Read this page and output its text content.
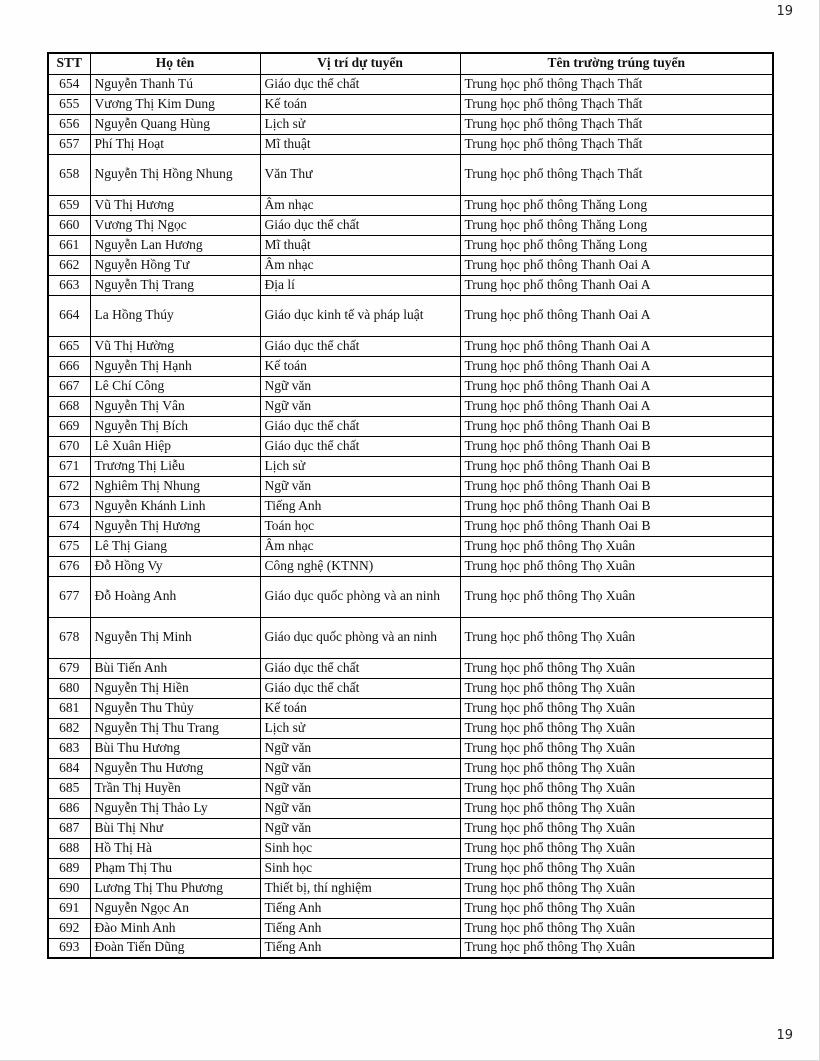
19
STT	Họ tên	Vị trí dự tuyển	Tên trường trúng tuyển
654	Nguyễn Thanh Tú	Giáo dục thể chất	Trung học phổ thông Thạch Thất
655	Vương Thị Kim Dung	Kế toán	Trung học phổ thông Thạch Thất
656	Nguyễn Quang Hùng	Lịch sử	Trung học phổ thông Thạch Thất
657	Phí Thị Hoạt	Mĩ thuật	Trung học phổ thông Thạch Thất
658	Nguyễn Thị Hồng Nhung	Văn Thư	Trung học phổ thông Thạch Thất
659	Vũ Thị Hương	Âm nhạc	Trung học phổ thông Thăng Long
660	Vương Thị Ngọc	Giáo dục thể chất	Trung học phổ thông Thăng Long
661	Nguyễn Lan Hương	Mĩ thuật	Trung học phổ thông Thăng Long
662	Nguyễn Hồng Tư	Âm nhạc	Trung học phổ thông Thanh Oai A
663	Nguyễn Thị Trang	Địa lí	Trung học phổ thông Thanh Oai A
664	La Hồng Thúy	Giáo dục kinh tế và pháp luật	Trung học phổ thông Thanh Oai A
665	Vũ Thị Hường	Giáo dục thể chất	Trung học phổ thông Thanh Oai A
666	Nguyễn Thị Hạnh	Kế toán	Trung học phổ thông Thanh Oai A
667	Lê Chí Công	Ngữ văn	Trung học phổ thông Thanh Oai A
668	Nguyễn Thị Vân	Ngữ văn	Trung học phổ thông Thanh Oai A
669	Nguyễn Thị Bích	Giáo dục thể chất	Trung học phổ thông Thanh Oai B
670	Lê Xuân Hiệp	Giáo dục thể chất	Trung học phổ thông Thanh Oai B
671	Trương Thị Liễu	Lịch sử	Trung học phổ thông Thanh Oai B
672	Nghiêm Thị Nhung	Ngữ văn	Trung học phổ thông Thanh Oai B
673	Nguyễn Khánh Linh	Tiếng Anh	Trung học phổ thông Thanh Oai B
674	Nguyễn Thị Hương	Toán học	Trung học phổ thông Thanh Oai B
675	Lê Thị Giang	Âm nhạc	Trung học phổ thông Thọ Xuân
676	Đỗ Hồng Vy	Công nghệ (KTNN)	Trung học phổ thông Thọ Xuân
677	Đỗ Hoàng Anh	Giáo dục quốc phòng và an ninh	Trung học phổ thông Thọ Xuân
678	Nguyễn Thị Minh	Giáo dục quốc phòng và an ninh	Trung học phổ thông Thọ Xuân
679	Bùi Tiến Anh	Giáo dục thể chất	Trung học phổ thông Thọ Xuân
680	Nguyễn Thị Hiền	Giáo dục thể chất	Trung học phổ thông Thọ Xuân
681	Nguyễn Thu Thủy	Kế toán	Trung học phổ thông Thọ Xuân
682	Nguyễn Thị Thu Trang	Lịch sử	Trung học phổ thông Thọ Xuân
683	Bùi Thu Hương	Ngữ văn	Trung học phổ thông Thọ Xuân
684	Nguyễn Thu Hương	Ngữ văn	Trung học phổ thông Thọ Xuân
685	Trần Thị Huyền	Ngữ văn	Trung học phổ thông Thọ Xuân
686	Nguyễn Thị Thảo Ly	Ngữ văn	Trung học phổ thông Thọ Xuân
687	Bùi Thị Như	Ngữ văn	Trung học phổ thông Thọ Xuân
688	Hồ Thị Hà	Sinh học	Trung học phổ thông Thọ Xuân
689	Phạm Thị Thu	Sinh học	Trung học phổ thông Thọ Xuân
690	Lương Thị Thu Phương	Thiết bị, thí nghiệm	Trung học phổ thông Thọ Xuân
691	Nguyễn Ngọc An	Tiếng Anh	Trung học phổ thông Thọ Xuân
692	Đào Minh Anh	Tiếng Anh	Trung học phổ thông Thọ Xuân
693	Đoàn Tiến Dũng	Tiếng Anh	Trung học phổ thông Thọ Xuân
19
